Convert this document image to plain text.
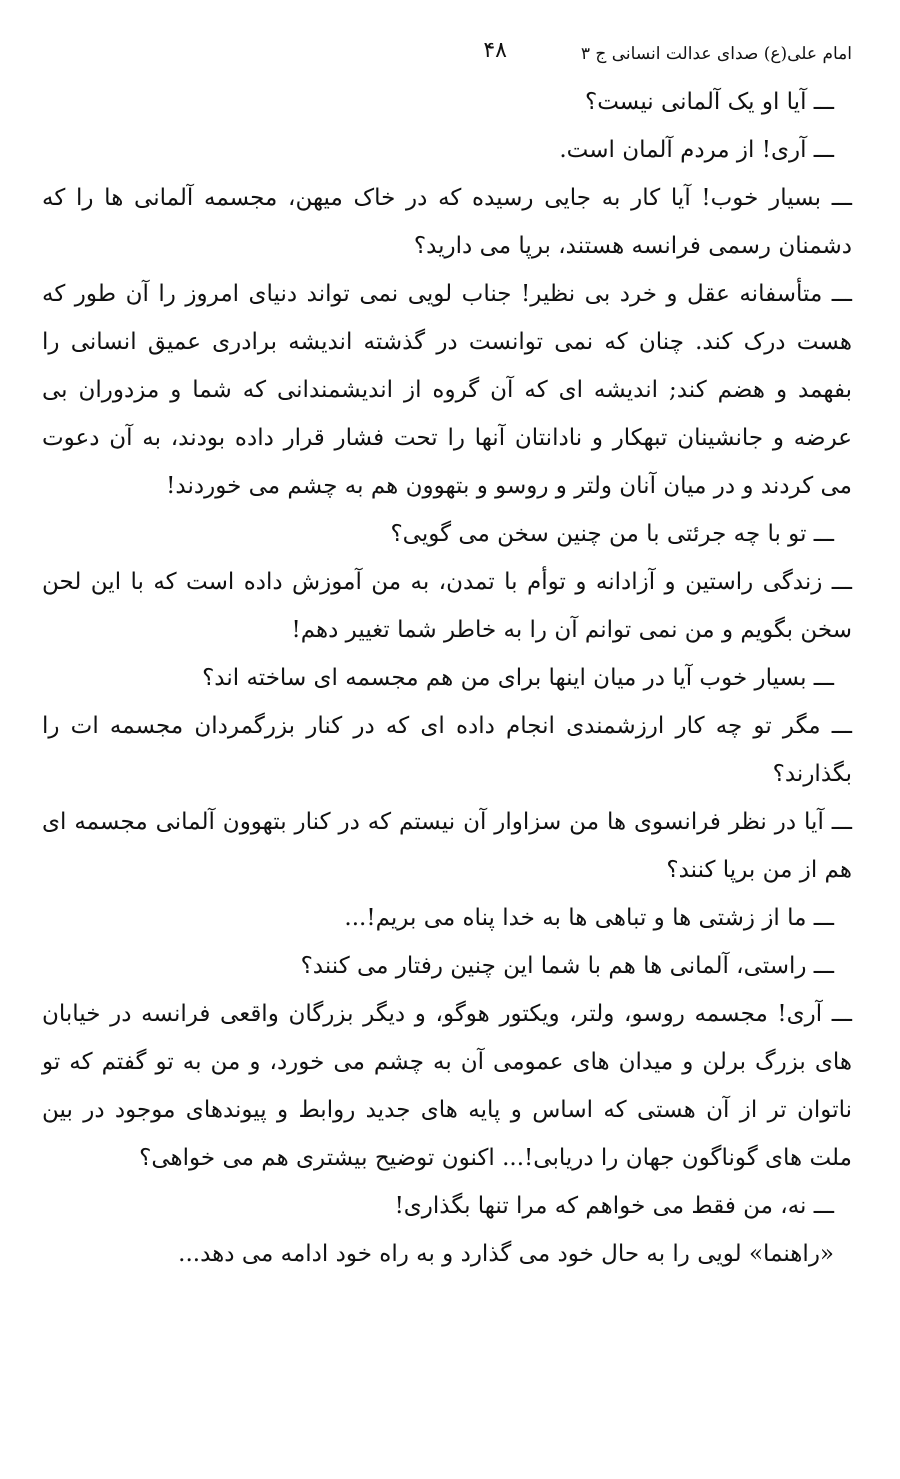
امام علی(ع) صدای عدالت انسانی ج ۳
۴۸

ـــ آیا او یک آلمانی نیست؟

ـــ آری! از مردم آلمان است.

ـــ بسیار خوب! آیا کار به جایی رسیده که در خاک میهن، مجسمه آلمانی ها را که دشمنان رسمی فرانسه هستند، برپا می دارید؟

ـــ متأسفانه عقل و خرد بی نظیر! جناب لویی نمی تواند دنیای امروز را آن طور که هست درک کند. چنان که نمی توانست در گذشته اندیشه برادری عمیق انسانی را بفهمد و هضم کند; اندیشه ای که آن گروه از اندیشمندانی که شما و مزدوران بی عرضه و جانشینان تبهکار و نادانتان آنها را تحت فشار قرار داده بودند، به آن دعوت می کردند و در میان آنان ولتر و روسو و بتهوون هم به چشم می خوردند!

ـــ تو با چه جرئتی با من چنین سخن می گویی؟

ـــ زندگی راستین و آزادانه و توأم با تمدن، به من آموزش داده است که با این لحن سخن بگویم و من نمی توانم آن را به خاطر شما تغییر دهم!

ـــ بسیار خوب آیا در میان اینها برای من هم مجسمه ای ساخته اند؟

ـــ مگر تو چه کار ارزشمندی انجام داده ای که در کنار بزرگمردان مجسمه ات را بگذارند؟

ـــ آیا در نظر فرانسوی ها من سزاوار آن نیستم که در کنار بتهوون آلمانی مجسمه ای هم از من برپا کنند؟

ـــ ما از زشتی ها و تباهی ها به خدا پناه می بریم!...

ـــ راستی، آلمانی ها هم با شما این چنین رفتار می کنند؟

ـــ آری! مجسمه روسو، ولتر، ویکتور هوگو، و دیگر بزرگان واقعی فرانسه در خیابان های بزرگ برلن و میدان های عمومی آن به چشم می خورد، و من به تو گفتم که تو ناتوان تر از آن هستی که اساس و پایه های جدید روابط و پیوندهای موجود در بین ملت های گوناگون جهان را دریابی!... اکنون توضیح بیشتری هم می خواهی؟

ـــ نه، من فقط می خواهم که مرا تنها بگذاری!

«راهنما» لویی را به حال خود می گذارد و به راه خود ادامه می دهد...
